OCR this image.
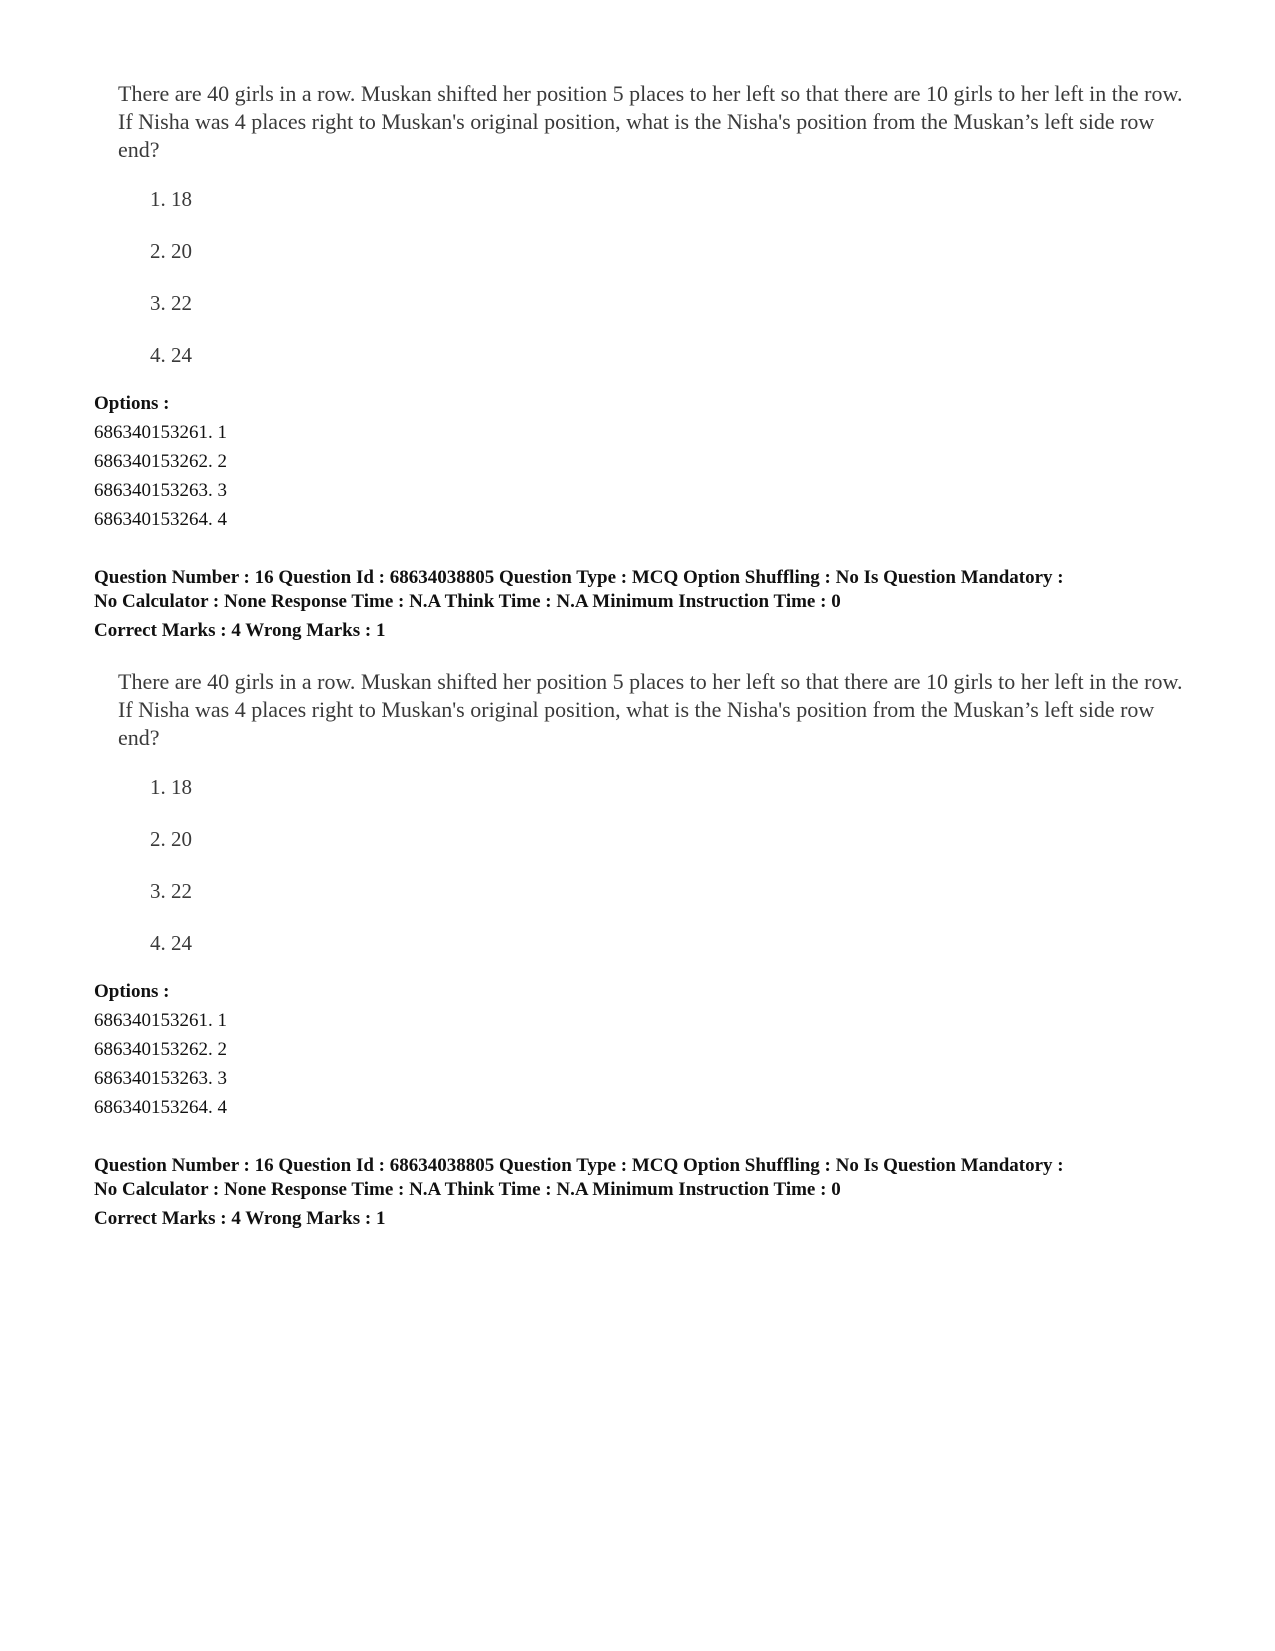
There are 40 girls in a row. Muskan shifted her position 5 places to her left so that there are 10 girls to her left in the row. If Nisha was 4 places right to Muskan's original position, what is the Nisha's position from the Muskan’s left side row end?

1. 18
2. 20
3. 22
4. 24
Options :
686340153261. 1
686340153262. 2
686340153263. 3
686340153264. 4
Question Number : 16 Question Id : 68634038805 Question Type : MCQ Option Shuffling : No Is Question Mandatory :
No Calculator : None Response Time : N.A Think Time : N.A Minimum Instruction Time : 0
Correct Marks : 4 Wrong Marks : 1

There are 40 girls in a row. Muskan shifted her position 5 places to her left so that there are 10 girls to her left in the row. If Nisha was 4 places right to Muskan's original position, what is the Nisha's position from the Muskan’s left side row end?

1. 18
2. 20
3. 22
4. 24
Options :
686340153261. 1
686340153262. 2
686340153263. 3
686340153264. 4
Question Number : 16 Question Id : 68634038805 Question Type : MCQ Option Shuffling : No Is Question Mandatory :
No Calculator : None Response Time : N.A Think Time : N.A Minimum Instruction Time : 0
Correct Marks : 4 Wrong Marks : 1
